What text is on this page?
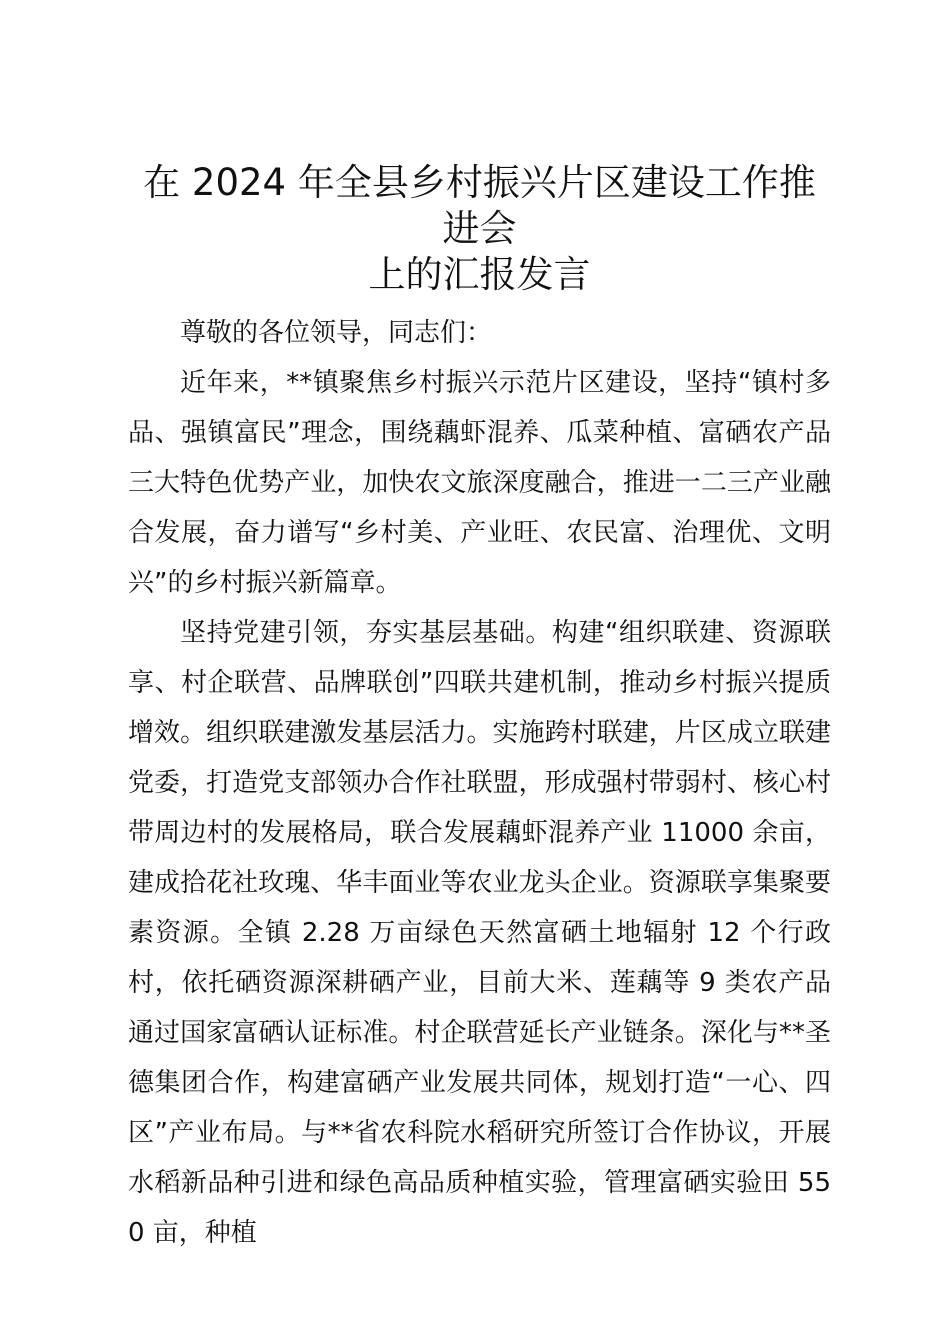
在 2024 年全县乡村振兴片区建设工作推进会
上的汇报发言

尊敬的各位领导，同志们：

近年来，**镇聚焦乡村振兴示范片区建设，坚持“镇村多品、强镇富民”理念，围绕藕虾混养、瓜菜种植、富硒农产品三大特色优势产业，加快农文旅深度融合，推进一二三产业融合发展，奋力谱写“乡村美、产业旺、农民富、治理优、文明兴”的乡村振兴新篇章。

坚持党建引领，夯实基层基础。构建“组织联建、资源联享、村企联营、品牌联创”四联共建机制，推动乡村振兴提质增效。组织联建激发基层活力。实施跨村联建，片区成立联建党委，打造党支部领办合作社联盟，形成强村带弱村、核心村带周边村的发展格局，联合发展藕虾混养产业 11000 余亩，建成拾花社玫瑰、华丰面业等农业龙头企业。资源联享集聚要素资源。全镇 2.28 万亩绿色天然富硒土地辐射 12 个行政村，依托硒资源深耕硒产业，目前大米、莲藕等 9 类农产品通过国家富硒认证标准。村企联营延长产业链条。深化与**圣德集团合作，构建富硒产业发展共同体，规划打造“一心、四区”产业布局。与**省农科院水稻研究所签订合作协议，开展水稻新品种引进和绿色高品质种植实验，管理富硒实验田 550 亩，种植
